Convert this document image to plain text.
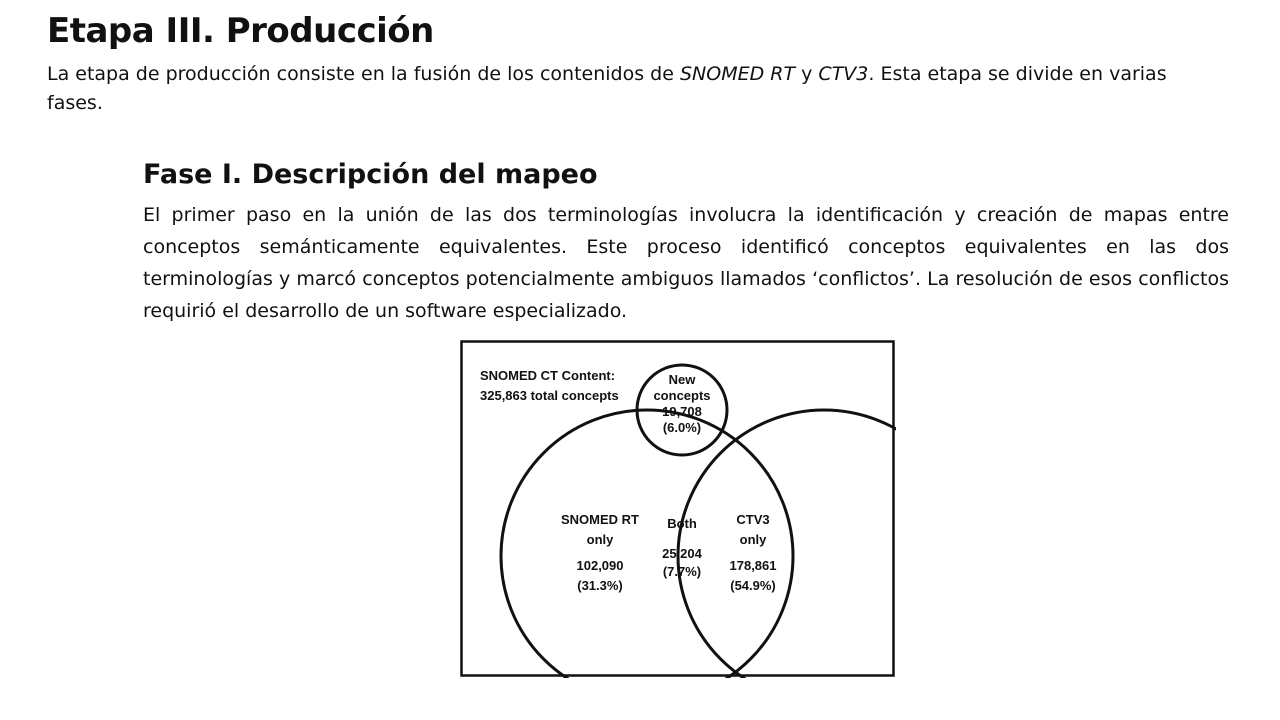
Etapa III. Producción

La etapa de producción consiste en la fusión de los contenidos de SNOMED RT y CTV3. Esta etapa se divide en varias fases.

Fase I. Descripción del mapeo

El primer paso en la unión de las dos terminologías involucra la identificación y creación de mapas entre conceptos semánticamente equivalentes. Este proceso identificó conceptos equivalentes en las dos terminologías y marcó conceptos potencialmente ambiguos llamados ‘conflictos’. La resolución de esos conflictos requirió el desarrollo de un software especializado.

SNOMED CT Content:
325,863 total concepts
New
concepts
19,708
(6.0%)
SNOMED RT
only
102,090
(31.3%)
Both
25,204
(7.7%)
CTV3
only
178,861
(54.9%)
